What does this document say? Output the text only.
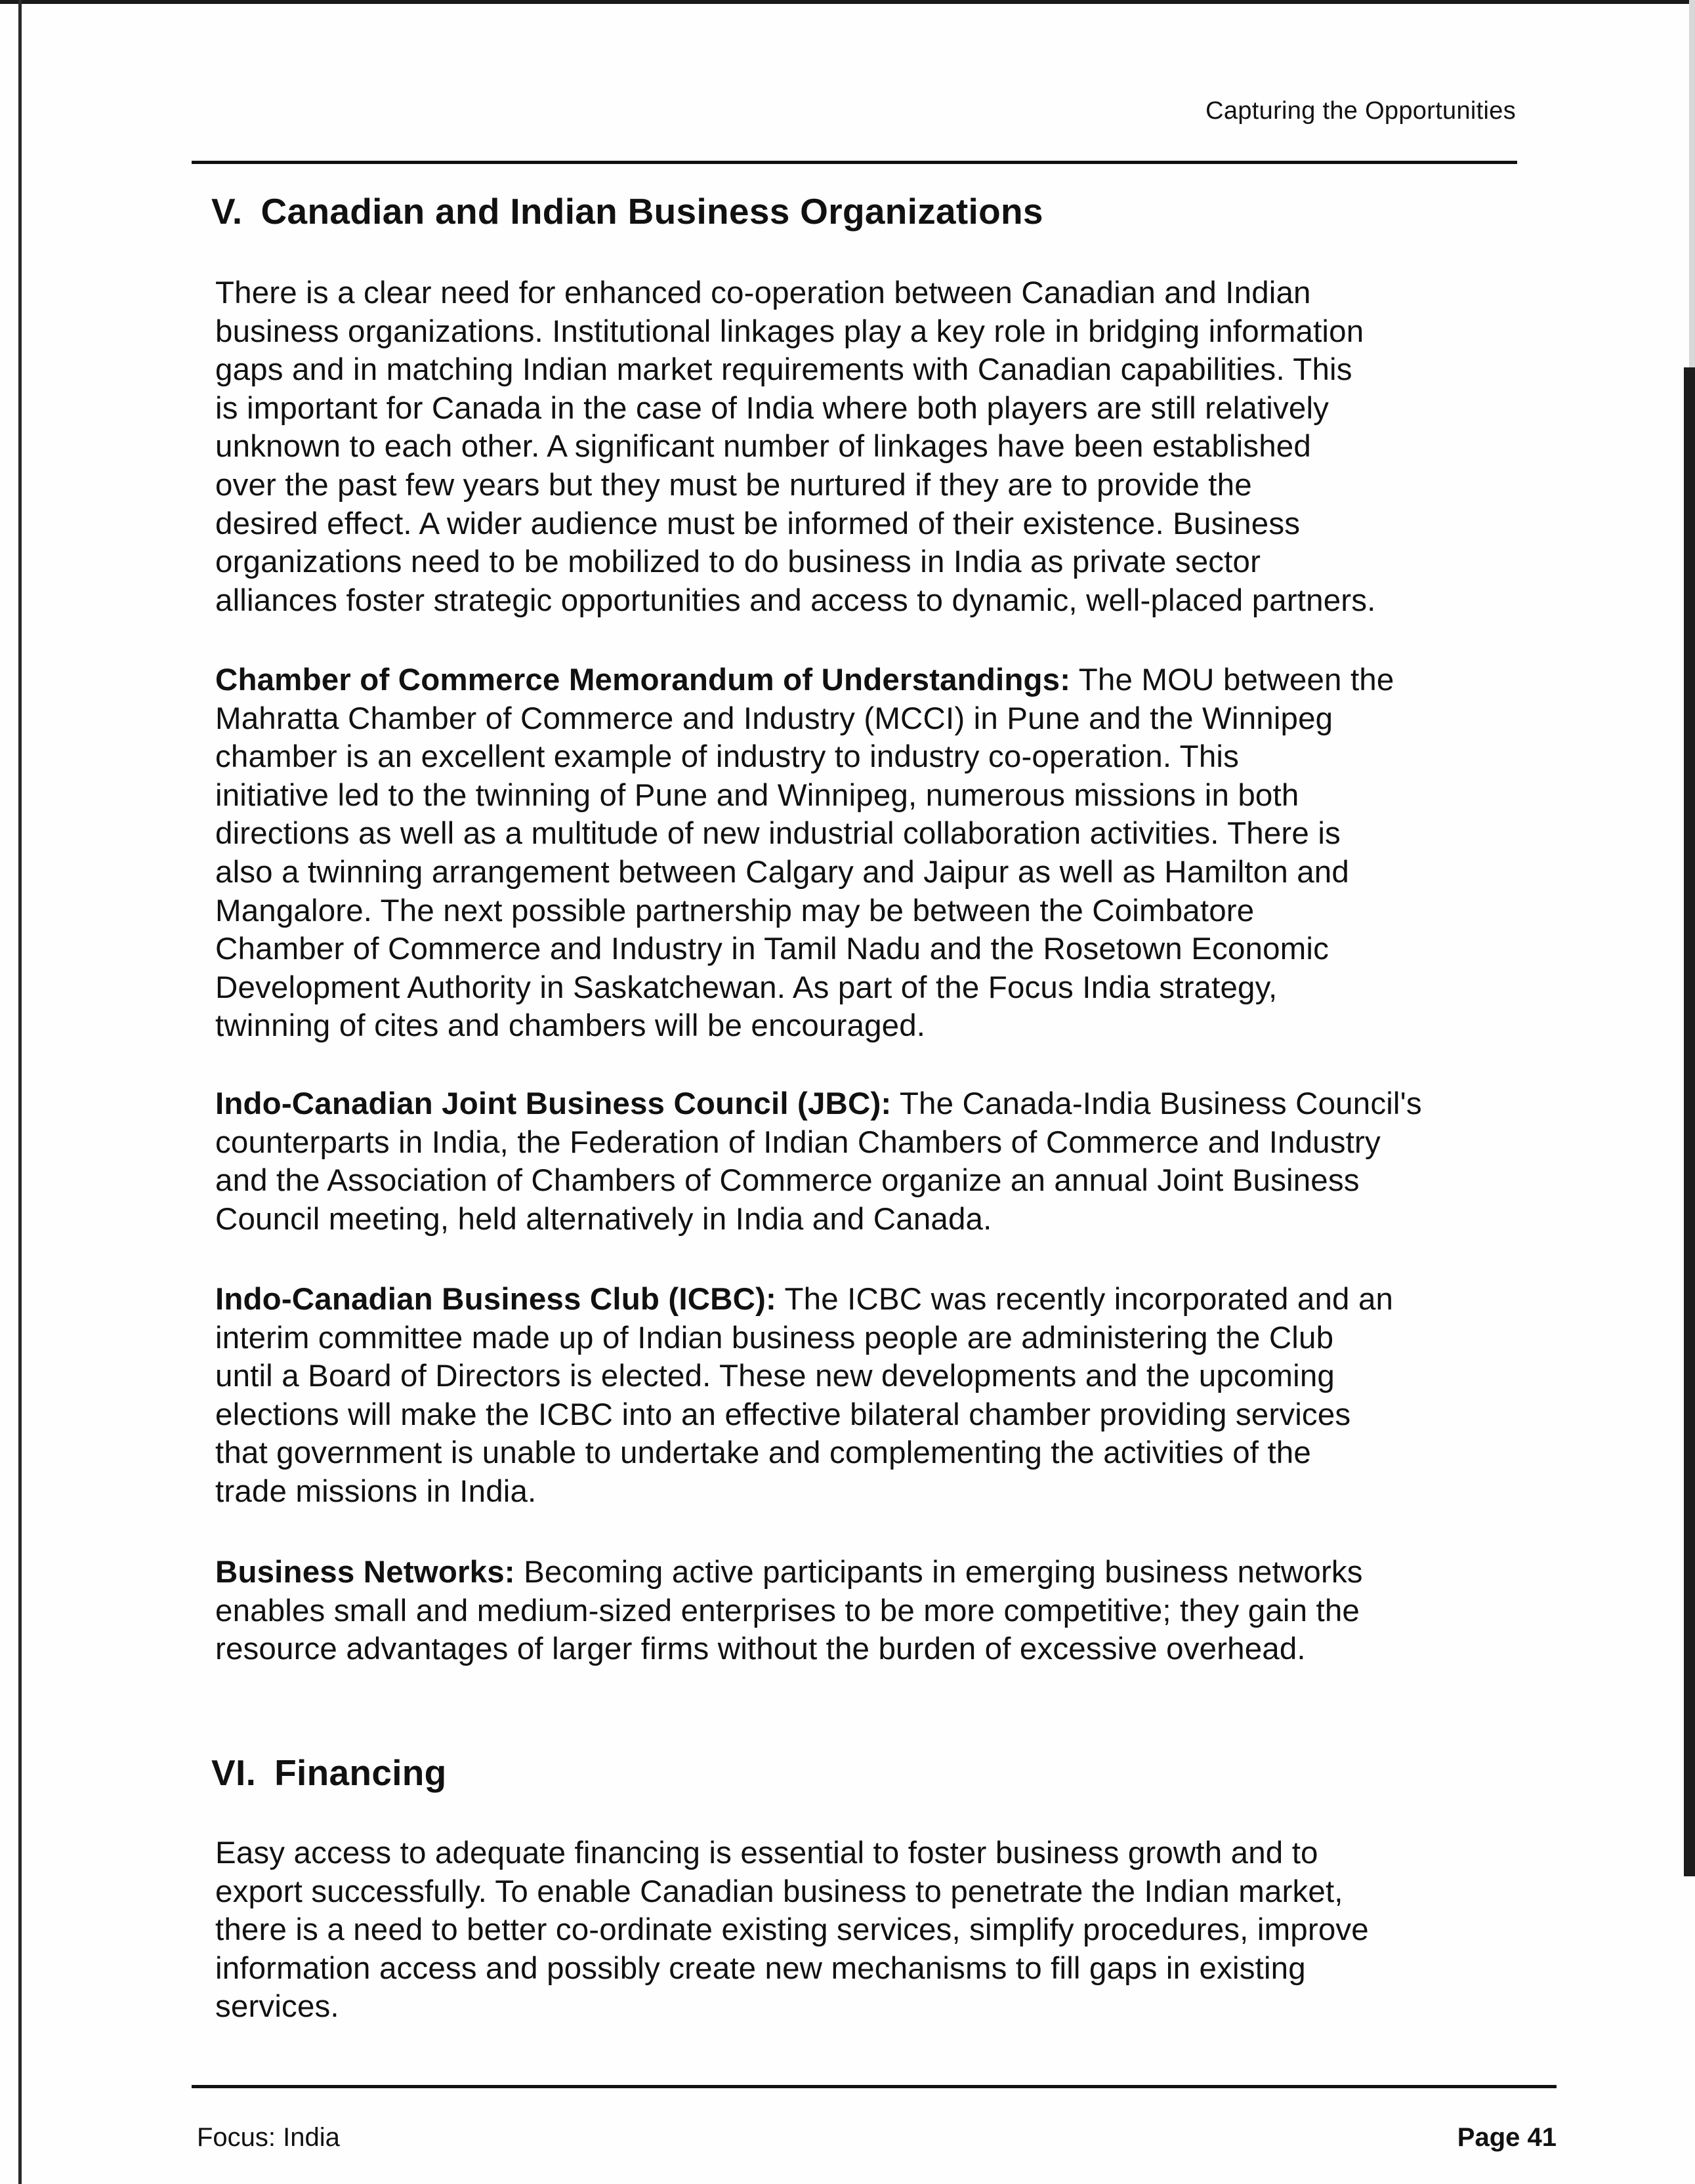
Capturing the Opportunities
V. Canadian and Indian Business Organizations

There is a clear need for enhanced co-operation between Canadian and Indian
business organizations. Institutional linkages play a key role in bridging information
gaps and in matching Indian market requirements with Canadian capabilities. This
is important for Canada in the case of India where both players are still relatively
unknown to each other. A significant number of linkages have been established
over the past few years but they must be nurtured if they are to provide the
desired effect. A wider audience must be informed of their existence. Business
organizations need to be mobilized to do business in India as private sector
alliances foster strategic opportunities and access to dynamic, well-placed partners.

Chamber of Commerce Memorandum of Understandings: The MOU between the
Mahratta Chamber of Commerce and Industry (MCCI) in Pune and the Winnipeg
chamber is an excellent example of industry to industry co-operation. This
initiative led to the twinning of Pune and Winnipeg, numerous missions in both
directions as well as a multitude of new industrial collaboration activities. There is
also a twinning arrangement between Calgary and Jaipur as well as Hamilton and
Mangalore. The next possible partnership may be between the Coimbatore
Chamber of Commerce and Industry in Tamil Nadu and the Rosetown Economic
Development Authority in Saskatchewan. As part of the Focus India strategy,
twinning of cites and chambers will be encouraged.

Indo-Canadian Joint Business Council (JBC): The Canada-India Business Council's
counterparts in India, the Federation of Indian Chambers of Commerce and Industry
and the Association of Chambers of Commerce organize an annual Joint Business
Council meeting, held alternatively in India and Canada.

Indo-Canadian Business Club (ICBC): The ICBC was recently incorporated and an
interim committee made up of Indian business people are administering the Club
until a Board of Directors is elected. These new developments and the upcoming
elections will make the ICBC into an effective bilateral chamber providing services
that government is unable to undertake and complementing the activities of the
trade missions in India.

Business Networks: Becoming active participants in emerging business networks
enables small and medium-sized enterprises to be more competitive; they gain the
resource advantages of larger firms without the burden of excessive overhead.

VI. Financing

Easy access to adequate financing is essential to foster business growth and to
export successfully. To enable Canadian business to penetrate the Indian market,
there is a need to better co-ordinate existing services, simplify procedures, improve
information access and possibly create new mechanisms to fill gaps in existing
services.

Focus: India	Page 41
